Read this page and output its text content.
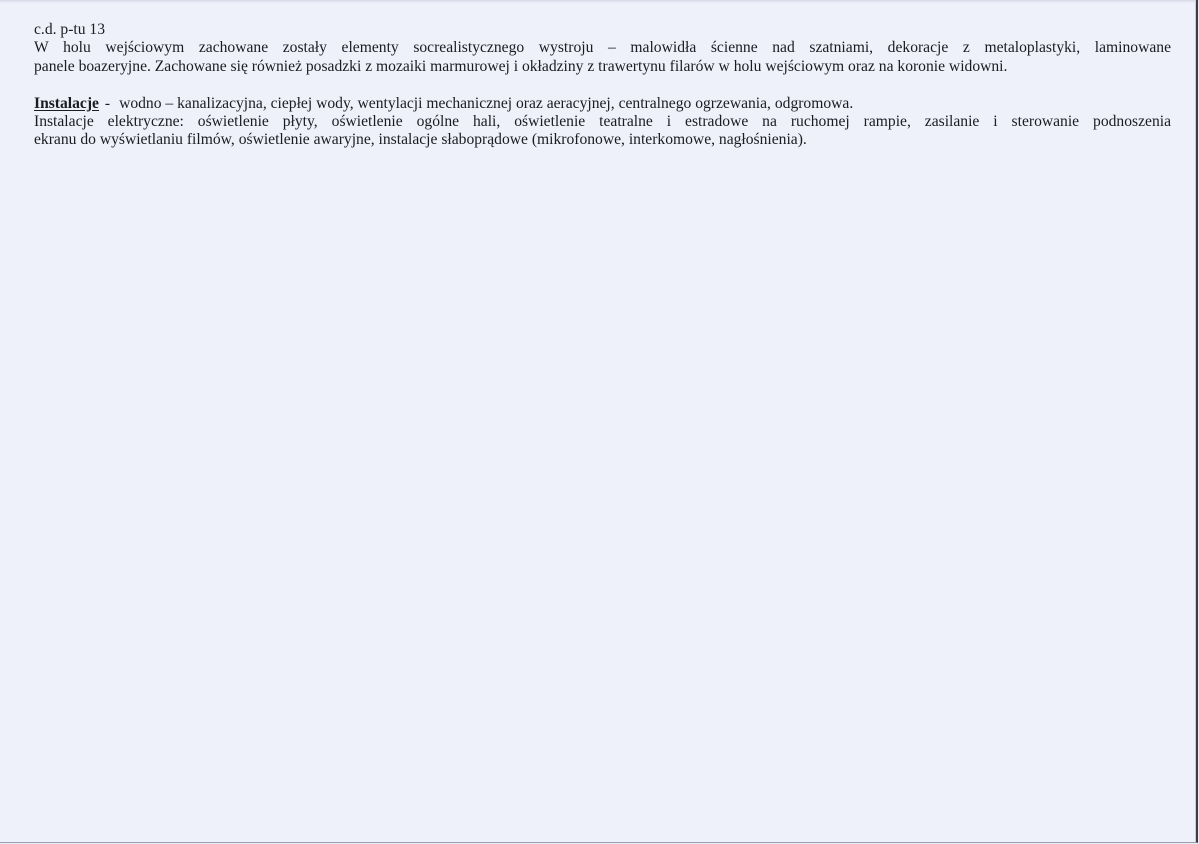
c.d. p-tu 13
W holu wejściowym zachowane zostały elementy socrealistycznego wystroju – malowidła ścienne nad szatniami, dekoracje z metaloplastyki, laminowane
panele boazeryjne. Zachowane się również posadzki z mozaiki marmurowej i okładziny z trawertynu filarów w holu wejściowym oraz na koronie widowni.
Instalacje - wodno – kanalizacyjna, ciepłej wody, wentylacji mechanicznej oraz aeracyjnej, centralnego ogrzewania, odgromowa.
Instalacje elektryczne: oświetlenie płyty, oświetlenie ogólne hali, oświetlenie teatralne i estradowe na ruchomej rampie, zasilanie i sterowanie podnoszenia
ekranu do wyświetlaniu filmów, oświetlenie awaryjne, instalacje słaboprądowe (mikrofonowe, interkomowe, nagłośnienia).
